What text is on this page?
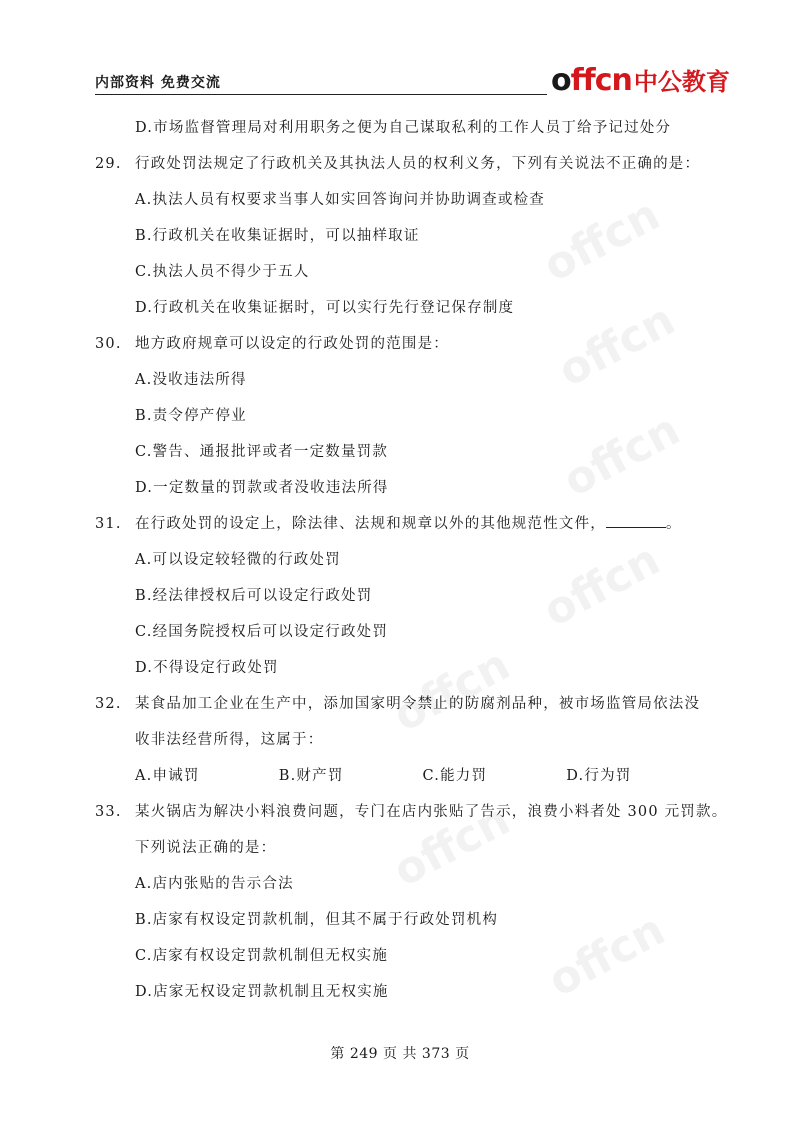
内部资料 免费交流	offcn中公教育
offcn
offcn
offcn
offcn
offcn
offcn
offcn
D.市场监督管理局对利用职务之便为自己谋取私利的工作人员丁给予记过处分
29. 行政处罚法规定了行政机关及其执法人员的权利义务，下列有关说法不正确的是：
A.执法人员有权要求当事人如实回答询问并协助调查或检查
B.行政机关在收集证据时，可以抽样取证
C.执法人员不得少于五人
D.行政机关在收集证据时，可以实行先行登记保存制度
30. 地方政府规章可以设定的行政处罚的范围是：
A.没收违法所得
B.责令停产停业
C.警告、通报批评或者一定数量罚款
D.一定数量的罚款或者没收违法所得
31. 在行政处罚的设定上，除法律、法规和规章以外的其他规范性文件，	。
A.可以设定较轻微的行政处罚
B.经法律授权后可以设定行政处罚
C.经国务院授权后可以设定行政处罚
D.不得设定行政处罚
32. 某食品加工企业在生产中，添加国家明令禁止的防腐剂品种，被市场监管局依法没
收非法经营所得，这属于：
A.申诫罚	B.财产罚	C.能力罚	D.行为罚
33. 某火锅店为解决小料浪费问题，专门在店内张贴了告示，浪费小料者处 300 元罚款。
下列说法正确的是：
A.店内张贴的告示合法
B.店家有权设定罚款机制，但其不属于行政处罚机构
C.店家有权设定罚款机制但无权实施
D.店家无权设定罚款机制且无权实施
第 249 页 共 373 页
